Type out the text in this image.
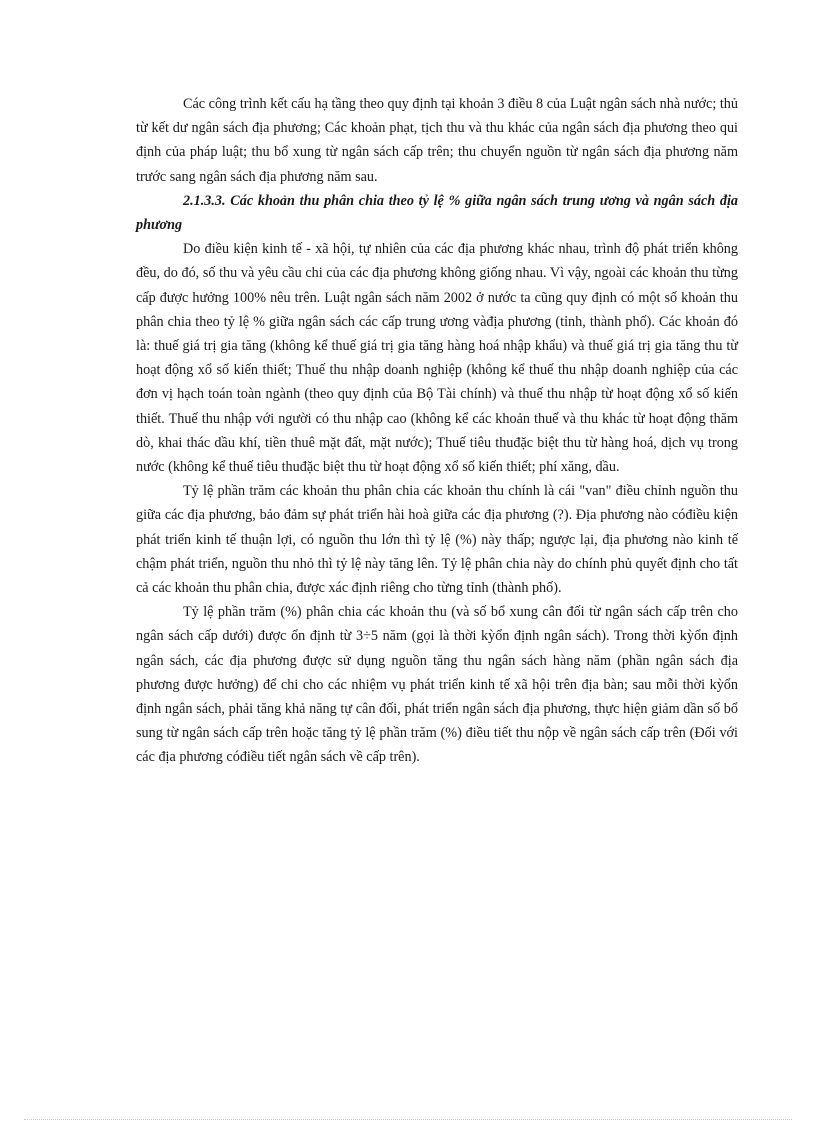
Các công trình kết cấu hạ tầng theo quy định tại khoản 3 điều 8 của Luật ngân sách nhà nước; thủ từ kết dư ngân sách địa phương; Các khoản phạt, tịch thu và thu khác của ngân sách địa phương theo qui định của pháp luật; thu bổ xung từ ngân sách cấp trên; thu chuyển nguồn từ ngân sách địa phương năm trước sang ngân sách địa phương năm sau.

2.1.3.3. Các khoản thu phân chia theo tỷ lệ % giữa ngân sách trung ương và ngân sách địa phương

Do điều kiện kinh tế - xã hội, tự nhiên của các địa phương khác nhau, trình độ phát triển không đều, do đó, số thu và yêu cầu chi của các địa phương không giống nhau. Vì vậy, ngoài các khoản thu từng cấp được hưởng 100% nêu trên. Luật ngân sách năm 2002 ở nước ta cũng quy định có một số khoản thu phân chia theo tỷ lệ % giữa ngân sách các cấp trung ương vàđịa phương (tỉnh, thành phố). Các khoản đó là: thuế giá trị gia tăng (không kể thuế giá trị gia tăng hàng hoá nhập khẩu) và thuế giá trị gia tăng thu từ hoạt động xổ số kiến thiết; Thuế thu nhập doanh nghiệp (không kể thuế thu nhập doanh nghiệp của các đơn vị hạch toán toàn ngành (theo quy định của Bộ Tài chính) và thuế thu nhập từ hoạt động xổ số kiến thiết. Thuế thu nhập với người có thu nhập cao (không kể các khoản thuế và thu khác từ hoạt động thăm dò, khai thác dầu khí, tiền thuê mặt đất, mặt nước); Thuế tiêu thuđặc biệt thu từ hàng hoá, dịch vụ trong nước (không kể thuế tiêu thuđặc biệt thu từ hoạt động xổ số kiến thiết; phí xăng, dầu.

Tỷ lệ phần trăm các khoản thu phân chia các khoản thu chính là cái "van" điều chỉnh nguồn thu giữa các địa phương, bảo đảm sự phát triển hài hoà giữa các địa phương (?). Địa phương nào cóđiều kiện phát triển kinh tế thuận lợi, có nguồn thu lớn thì tỷ lệ (%) này thấp; ngược lại, địa phương nào kinh tế chậm phát triển, nguồn thu nhỏ thì tỷ lệ này tăng lên. Tỷ lệ phân chia này do chính phủ quyết định cho tất cả các khoản thu phân chia, được xác định riêng cho từng tỉnh (thành phố).

Tỷ lệ phần trăm (%) phân chia các khoản thu (và số bổ xung cân đối từ ngân sách cấp trên cho ngân sách cấp dưới) được ổn định từ 3÷5 năm (gọi là thời kỳổn định ngân sách). Trong thời kỳổn định ngân sách, các địa phương được sử dụng nguồn tăng thu ngân sách hàng năm (phần ngân sách địa phương được hưởng) để chi cho các nhiệm vụ phát triển kinh tế xã hội trên địa bàn; sau mỗi thời kỳổn định ngân sách, phải tăng khả năng tự cân đối, phát triển ngân sách địa phương, thực hiện giảm dần số bổ sung từ ngân sách cấp trên hoặc tăng tỷ lệ phần trăm (%) điều tiết thu nộp về ngân sách cấp trên (Đối với các địa phương cóđiều tiết ngân sách về cấp trên).
